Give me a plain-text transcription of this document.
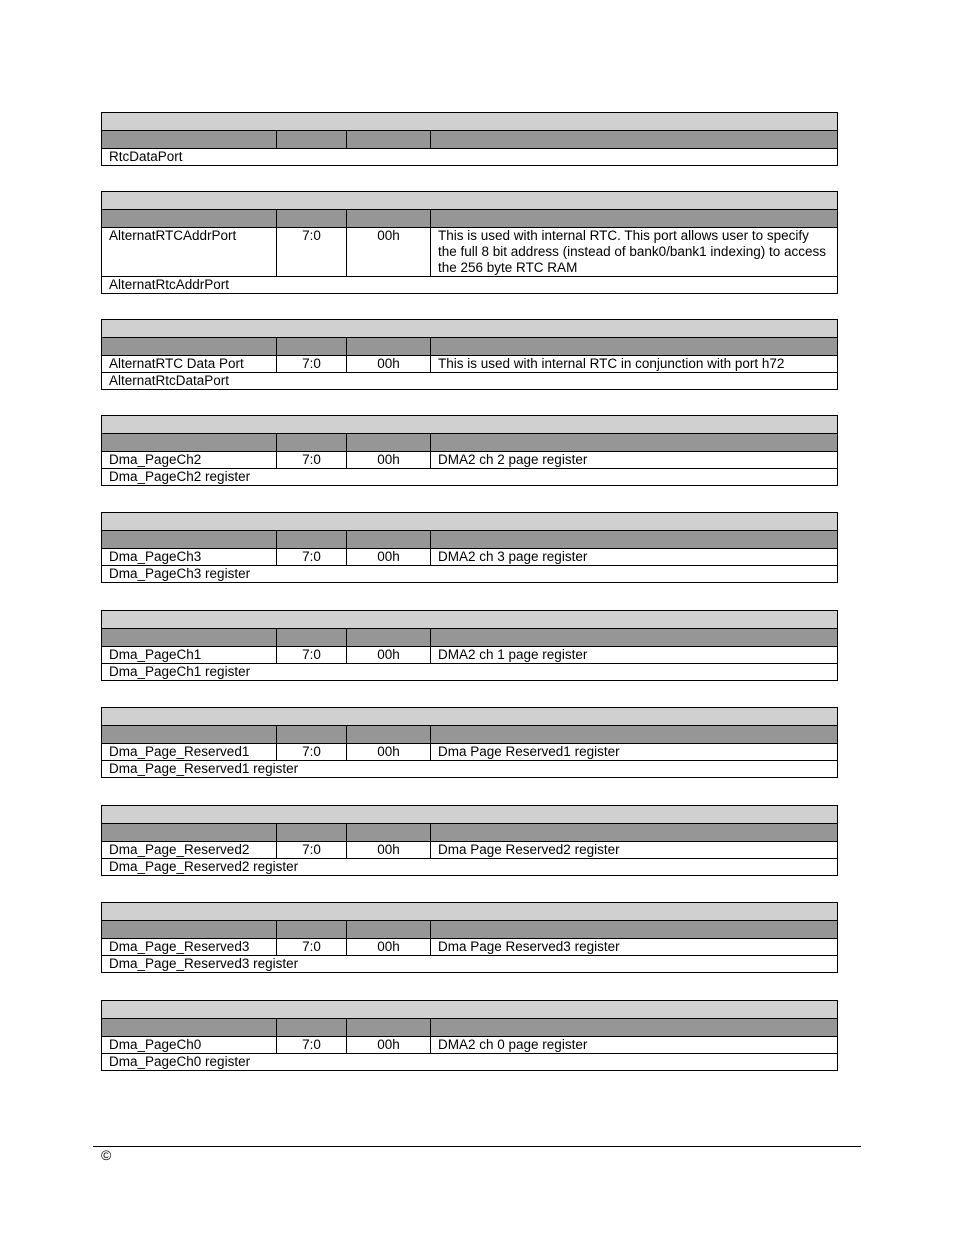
RtcDataPort
AlternatRTCAddrPort	7:0	00h	This is used with internal RTC. This port allows user to specify the full 8 bit address (instead of bank0/bank1 indexing) to access the 256 byte RTC RAM
AlternatRtcAddrPort
AlternatRTC Data Port	7:0	00h	This is used with internal RTC in conjunction with port h72
AlternatRtcDataPort
Dma_PageCh2	7:0	00h	DMA2 ch 2 page register
Dma_PageCh2 register
Dma_PageCh3	7:0	00h	DMA2 ch 3 page register
Dma_PageCh3 register
Dma_PageCh1	7:0	00h	DMA2 ch 1 page register
Dma_PageCh1 register
Dma_Page_Reserved1	7:0	00h	Dma Page Reserved1 register
Dma_Page_Reserved1 register
Dma_Page_Reserved2	7:0	00h	Dma Page Reserved2 register
Dma_Page_Reserved2 register
Dma_Page_Reserved3	7:0	00h	Dma Page Reserved3 register
Dma_Page_Reserved3 register
Dma_PageCh0	7:0	00h	DMA2 ch 0 page register
Dma_PageCh0 register
©
